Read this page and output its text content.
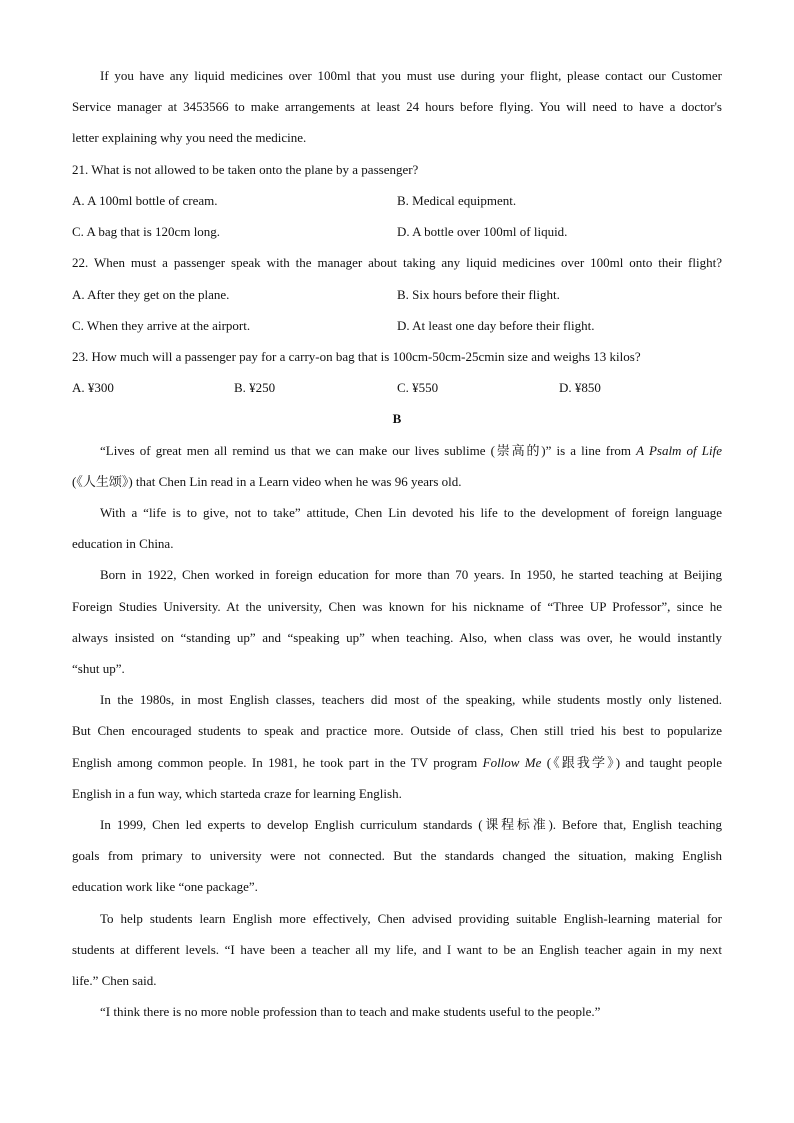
If you have any liquid medicines over 100ml that you must use during your flight, please contact our Customer
Service manager at 3453566 to make arrangements at least 24 hours before flying. You will need to have a doctor's
letter explaining why you need the medicine.
21. What is not allowed to be taken onto the plane by a passenger?
A. A 100ml bottle of cream.	B. Medical equipment.
C. A bag that is 120cm long.	D. A bottle over 100ml of liquid.
22. When must a passenger speak with the manager about taking any liquid medicines over 100ml onto their flight?
A. After they get on the plane.	B. Six hours before their flight.
C. When they arrive at the airport.	D. At least one day before their flight.
23. How much will a passenger pay for a carry-on bag that is 100cm-50cm-25cmin size and weighs 13 kilos?
A. ¥300	B. ¥250	C. ¥550	D. ¥850
B
“Lives of great men all remind us that we can make our lives sublime (崇高的)” is a line from A Psalm of Life
(《人生颂》) that Chen Lin read in a Learn video when he was 96 years old.
With a “life is to give, not to take” attitude, Chen Lin devoted his life to the development of foreign language
education in China.
Born in 1922, Chen worked in foreign education for more than 70 years. In 1950, he started teaching at Beijing
Foreign Studies University. At the university, Chen was known for his nickname of “Three UP Professor”, since he
always insisted on “standing up” and “speaking up” when teaching. Also, when class was over, he would instantly
“shut up”.
In the 1980s, in most English classes, teachers did most of the speaking, while students mostly only listened.
But Chen encouraged students to speak and practice more. Outside of class, Chen still tried his best to popularize
English among common people. In 1981, he took part in the TV program Follow Me (《跟我学》) and taught people
English in a fun way, which starteda craze for learning English.
In 1999, Chen led experts to develop English curriculum standards (课程标准). Before that, English teaching
goals from primary to university were not connected. But the standards changed the situation, making English
education work like “one package”.
To help students learn English more effectively, Chen advised providing suitable English-learning material for
students at different levels. “I have been a teacher all my life, and I want to be an English teacher again in my next
life.” Chen said.
“I think there is no more noble profession than to teach and make students useful to the people.”
